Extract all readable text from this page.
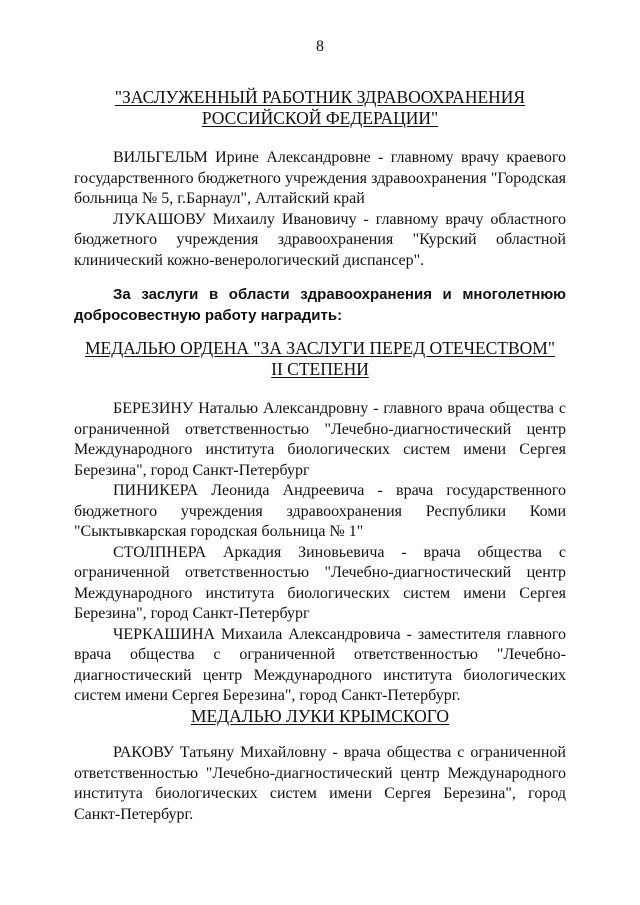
8
"ЗАСЛУЖЕННЫЙ РАБОТНИК ЗДРАВООХРАНЕНИЯ
РОССИЙСКОЙ ФЕДЕРАЦИИ"

ВИЛЬГЕЛЬМ Ирине Александровне - главному врачу краевого государственного бюджетного учреждения здравоохранения "Городская больница № 5, г.Барнаул", Алтайский край

ЛУКАШОВУ Михаилу Ивановичу - главному врачу областного бюджетного учреждения здравоохранения "Курский областной клинический кожно-венерологический диспансер".

За заслуги в области здравоохранения и многолетнюю добросовестную работу наградить:

МЕДАЛЬЮ ОРДЕНА "ЗА ЗАСЛУГИ ПЕРЕД ОТЕЧЕСТВОМ"
II СТЕПЕНИ

БЕРЕЗИНУ Наталью Александровну - главного врача общества с ограниченной ответственностью "Лечебно-диагностический центр Международного института биологических систем имени Сергея Березина", город Санкт-Петербург

ПИНИКЕРА Леонида Андреевича - врача государственного бюджетного учреждения здравоохранения Республики Коми "Сыктывкарская городская больница № 1"

СТОЛПНЕРА Аркадия Зиновьевича - врача общества с ограниченной ответственностью "Лечебно-диагностический центр Международного института биологических систем имени Сергея Березина", город Санкт-Петербург

ЧЕРКАШИНА Михаила Александровича - заместителя главного врача общества с ограниченной ответственностью "Лечебно-диагностический центр Международного института биологических систем имени Сергея Березина", город Санкт-Петербург.

МЕДАЛЬЮ ЛУКИ КРЫМСКОГО

РАКОВУ Татьяну Михайловну - врача общества с ограниченной ответственностью "Лечебно-диагностический центр Международного института биологических систем имени Сергея Березина", город Санкт-Петербург.
